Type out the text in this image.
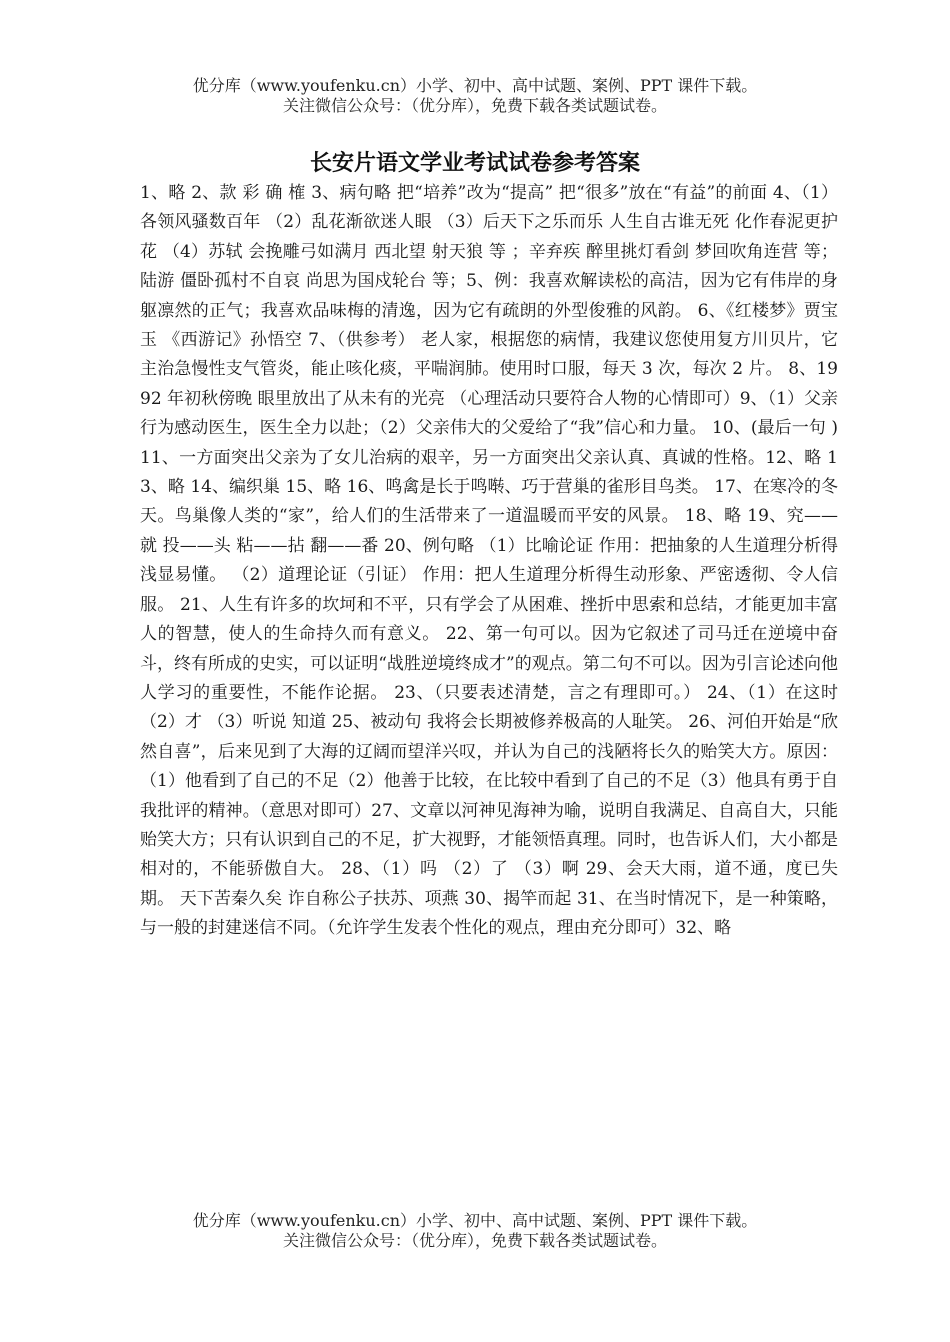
优分库（www.youfenku.cn）小学、初中、高中试题、案例、PPT 课件下载。
关注微信公众号：（优分库），免费下载各类试题试卷。
长安片语文学业考试试卷参考答案
1、略 2、款 彩 确 榷 3、病句略 把“培养”改为“提高” 把“很多”放在“有益”的前面 4、（1）各领风骚数百年 （2）乱花渐欲迷人眼 （3）后天下之乐而乐 人生自古谁无死 化作春泥更护花 （4）苏轼 会挽雕弓如满月 西北望 射天狼 等 ；辛弃疾 醉里挑灯看剑 梦回吹角连营 等；陆游 僵卧孤村不自哀 尚思为国戍轮台 等；5、例：我喜欢解读松的高洁，因为它有伟岸的身躯凛然的正气；我喜欢品味梅的清逸，因为它有疏朗的外型俊雅的风韵。 6、《红楼梦》贾宝玉 《西游记》孙悟空 7、（供参考） 老人家，根据您的病情，我建议您使用复方川贝片，它主治急慢性支气管炎，能止咳化痰，平喘润肺。使用时口服，每天 3 次，每次 2 片。 8、1992 年初秋傍晚 眼里放出了从未有的光亮 （心理活动只要符合人物的心情即可）9、（1）父亲行为感动医生，医生全力以赴；（2）父亲伟大的父爱给了“我”信心和力量。 10、(最后一句 ) 11、一方面突出父亲为了女儿治病的艰辛，另一方面突出父亲认真、真诚的性格。12、略 13、略 14、编织巢 15、略 16、鸣禽是长于鸣啭、巧于营巢的雀形目鸟类。 17、在寒冷的冬天。鸟巢像人类的“家”，给人们的生活带来了一道温暖而平安的风景。 18、略 19、究——就 投——头 粘——拈 翻——番 20、例句略 （1）比喻论证 作用：把抽象的人生道理分析得浅显易懂。 （2）道理论证（引证） 作用：把人生道理分析得生动形象、严密透彻、令人信服。 21、人生有许多的坎坷和不平，只有学会了从困难、挫折中思索和总结，才能更加丰富人的智慧，使人的生命持久而有意义。 22、第一句可以。因为它叙述了司马迁在逆境中奋斗，终有所成的史实，可以证明“战胜逆境终成才”的观点。第二句不可以。因为引言论述向他人学习的重要性，不能作论据。 23、（只要表述清楚，言之有理即可。） 24、（1）在这时 （2）才 （3）听说 知道 25、被动句 我将会长期被修养极高的人耻笑。 26、河伯开始是“欣然自喜”，后来见到了大海的辽阔而望洋兴叹，并认为自己的浅陋将长久的贻笑大方。原因：（1）他看到了自己的不足（2）他善于比较，在比较中看到了自己的不足（3）他具有勇于自我批评的精神。（意思对即可）27、文章以河神见海神为喻，说明自我满足、自高自大，只能贻笑大方；只有认识到自己的不足，扩大视野，才能领悟真理。同时，也告诉人们，大小都是相对的，不能骄傲自大。 28、（1）吗 （2）了 （3）啊 29、会天大雨，道不通，度已失期。 天下苦秦久矣 诈自称公子扶苏、项燕 30、揭竿而起 31、在当时情况下，是一种策略，与一般的封建迷信不同。（允许学生发表个性化的观点，理由充分即可）32、略
优分库（www.youfenku.cn）小学、初中、高中试题、案例、PPT 课件下载。
关注微信公众号：（优分库），免费下载各类试题试卷。
